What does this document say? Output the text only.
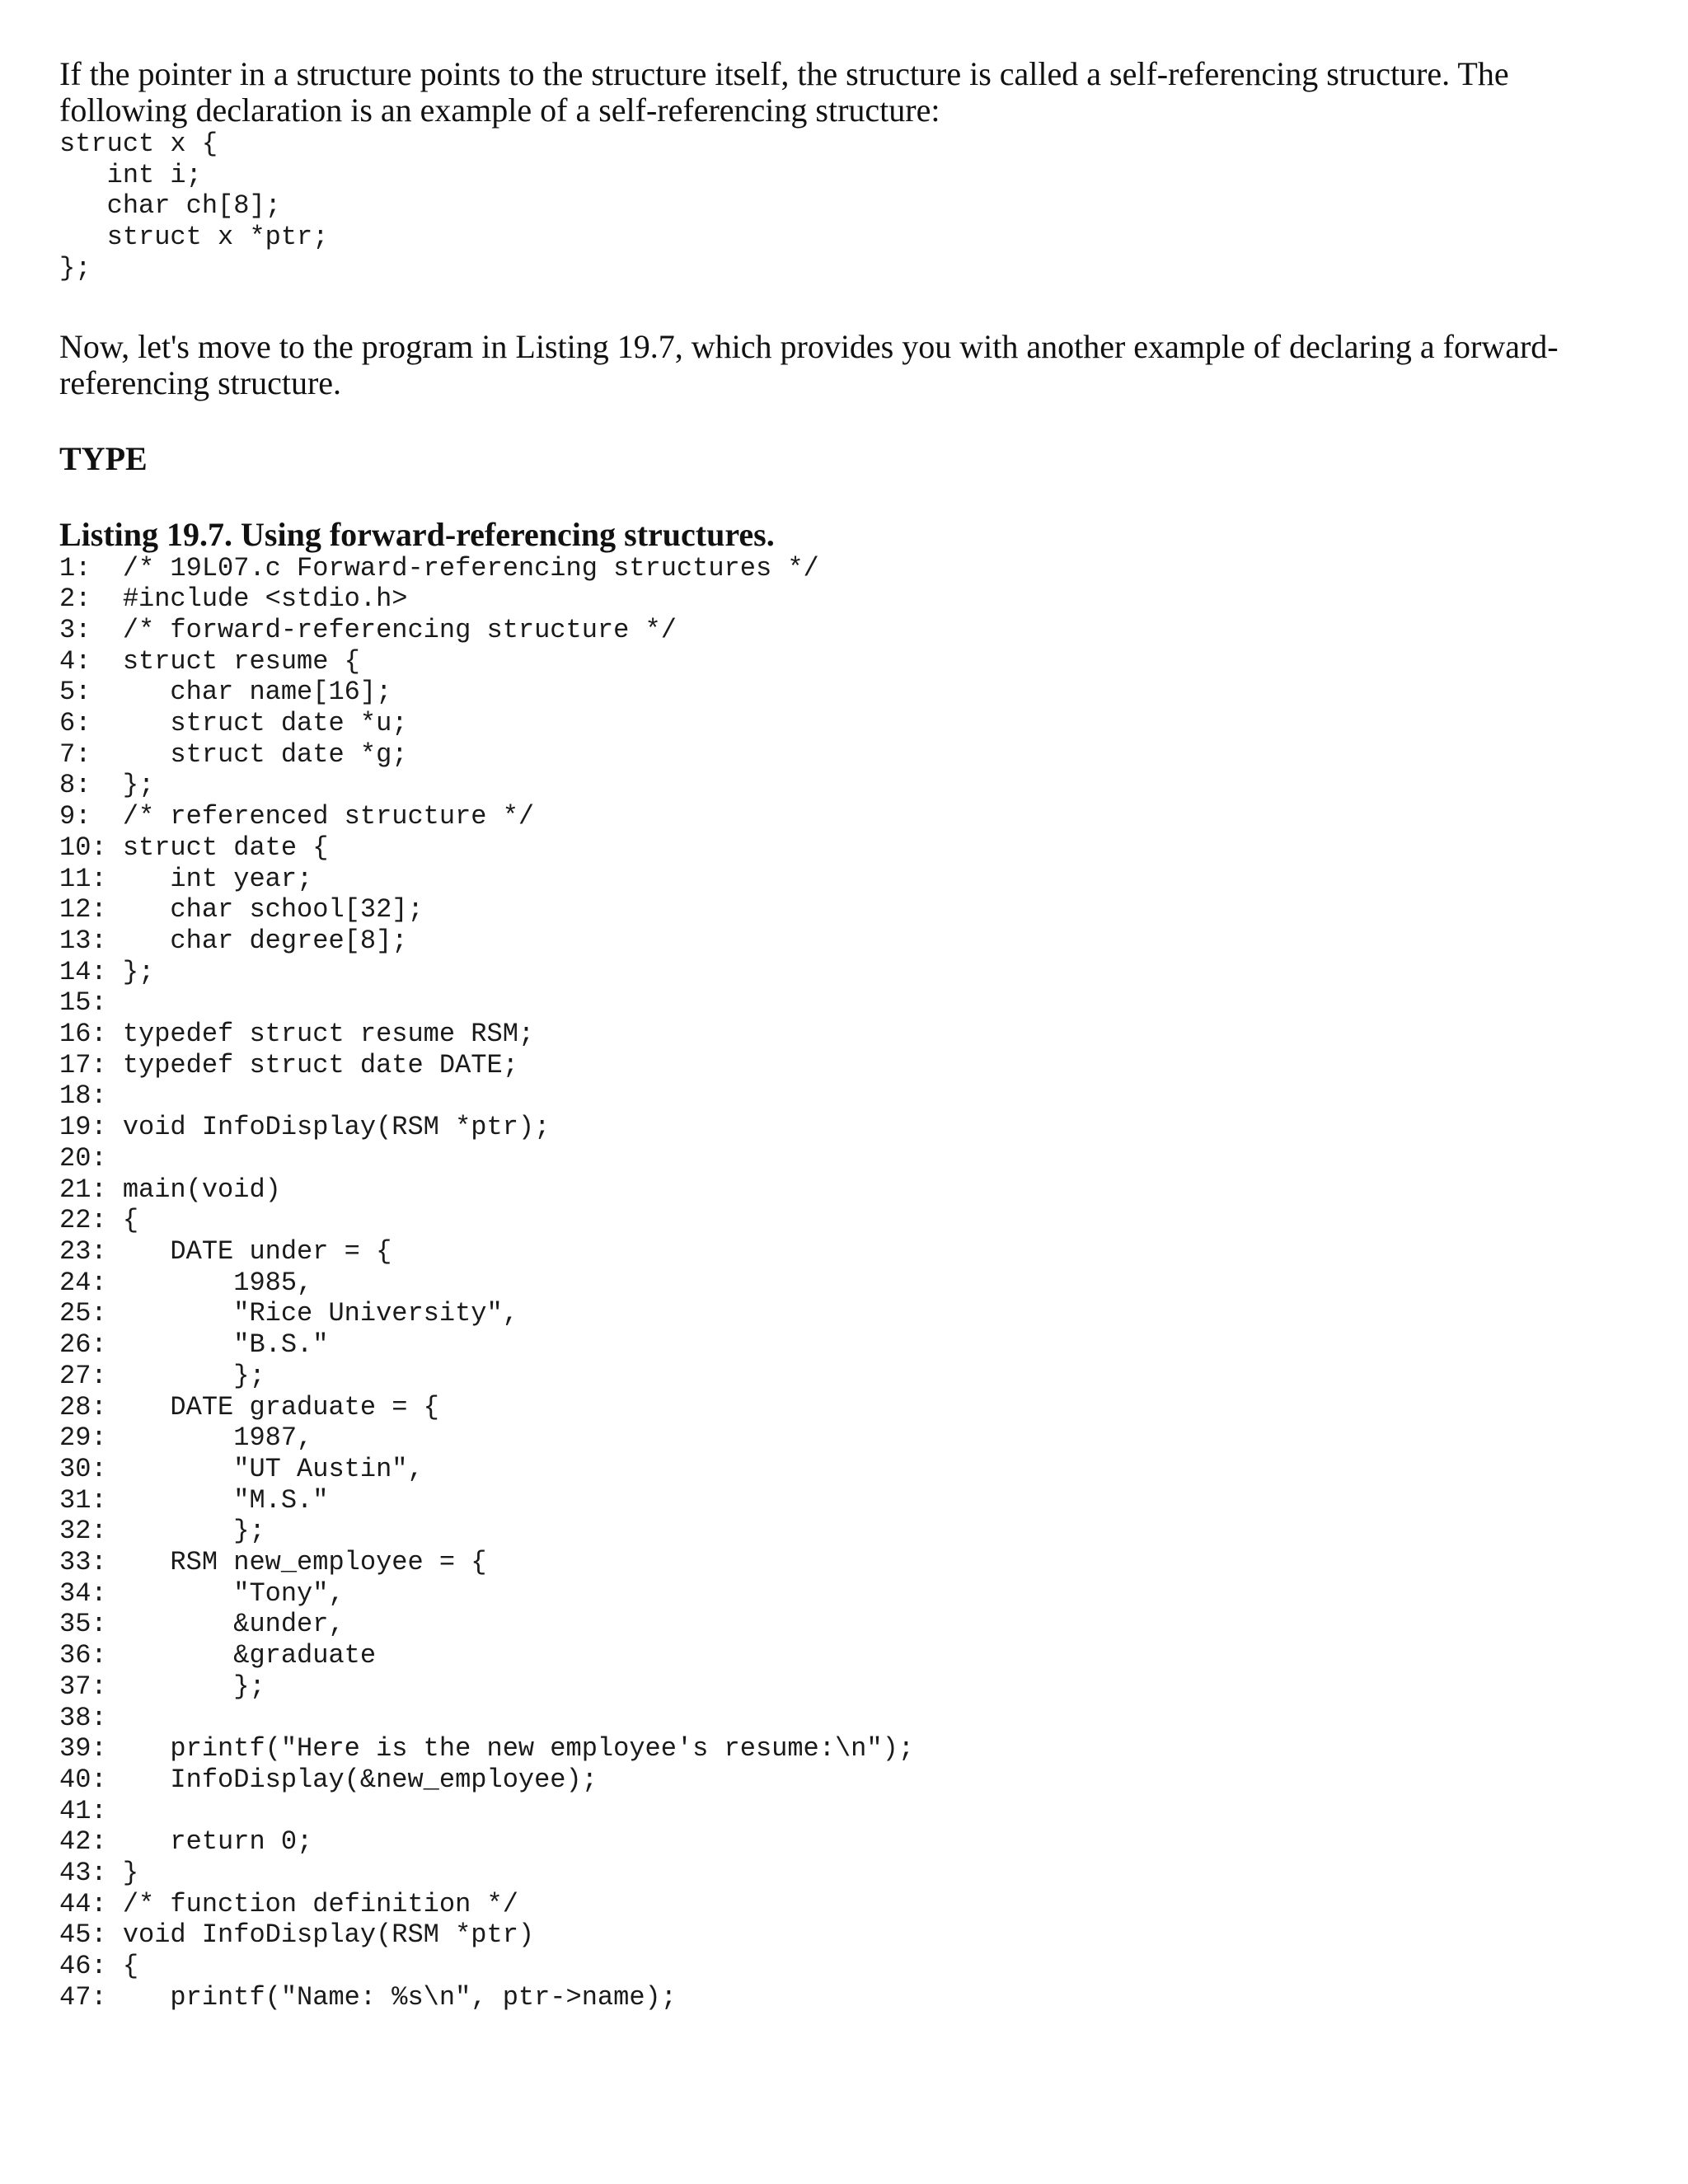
If the pointer in a structure points to the structure itself, the structure is called a self-referencing structure. The following declaration is an example of a self-referencing structure:

struct x {
int i;
char ch[8];
struct x *ptr;
};

Now, let's move to the program in Listing 19.7, which provides you with another example of declaring a forward-referencing structure.

TYPE

Listing 19.7. Using forward-referencing structures.

1:  /* 19L07.c Forward-referencing structures */
2:  #include <stdio.h>
3:  /* forward-referencing structure */
4:  struct resume {
5:     char name[16];
6:     struct date *u;
7:     struct date *g;
8:  };
9:  /* referenced structure */
10: struct date {
11:    int year;
12:    char school[32];
13:    char degree[8];
14: };
15:
16: typedef struct resume RSM;
17: typedef struct date DATE;
18:
19: void InfoDisplay(RSM *ptr);
20:
21: main(void)
22: {
23:    DATE under = {
24:        1985,
25:        "Rice University",
26:        "B.S."
27:        };
28:    DATE graduate = {
29:        1987,
30:        "UT Austin",
31:        "M.S."
32:        };
33:    RSM new_employee = {
34:        "Tony",
35:        &under,
36:        &graduate
37:        };
38:
39:    printf("Here is the new employee's resume:\n");
40:    InfoDisplay(&new_employee);
41:
42:    return 0;
43: }
44: /* function definition */
45: void InfoDisplay(RSM *ptr)
46: {
47:    printf("Name: %s\n", ptr->name);
